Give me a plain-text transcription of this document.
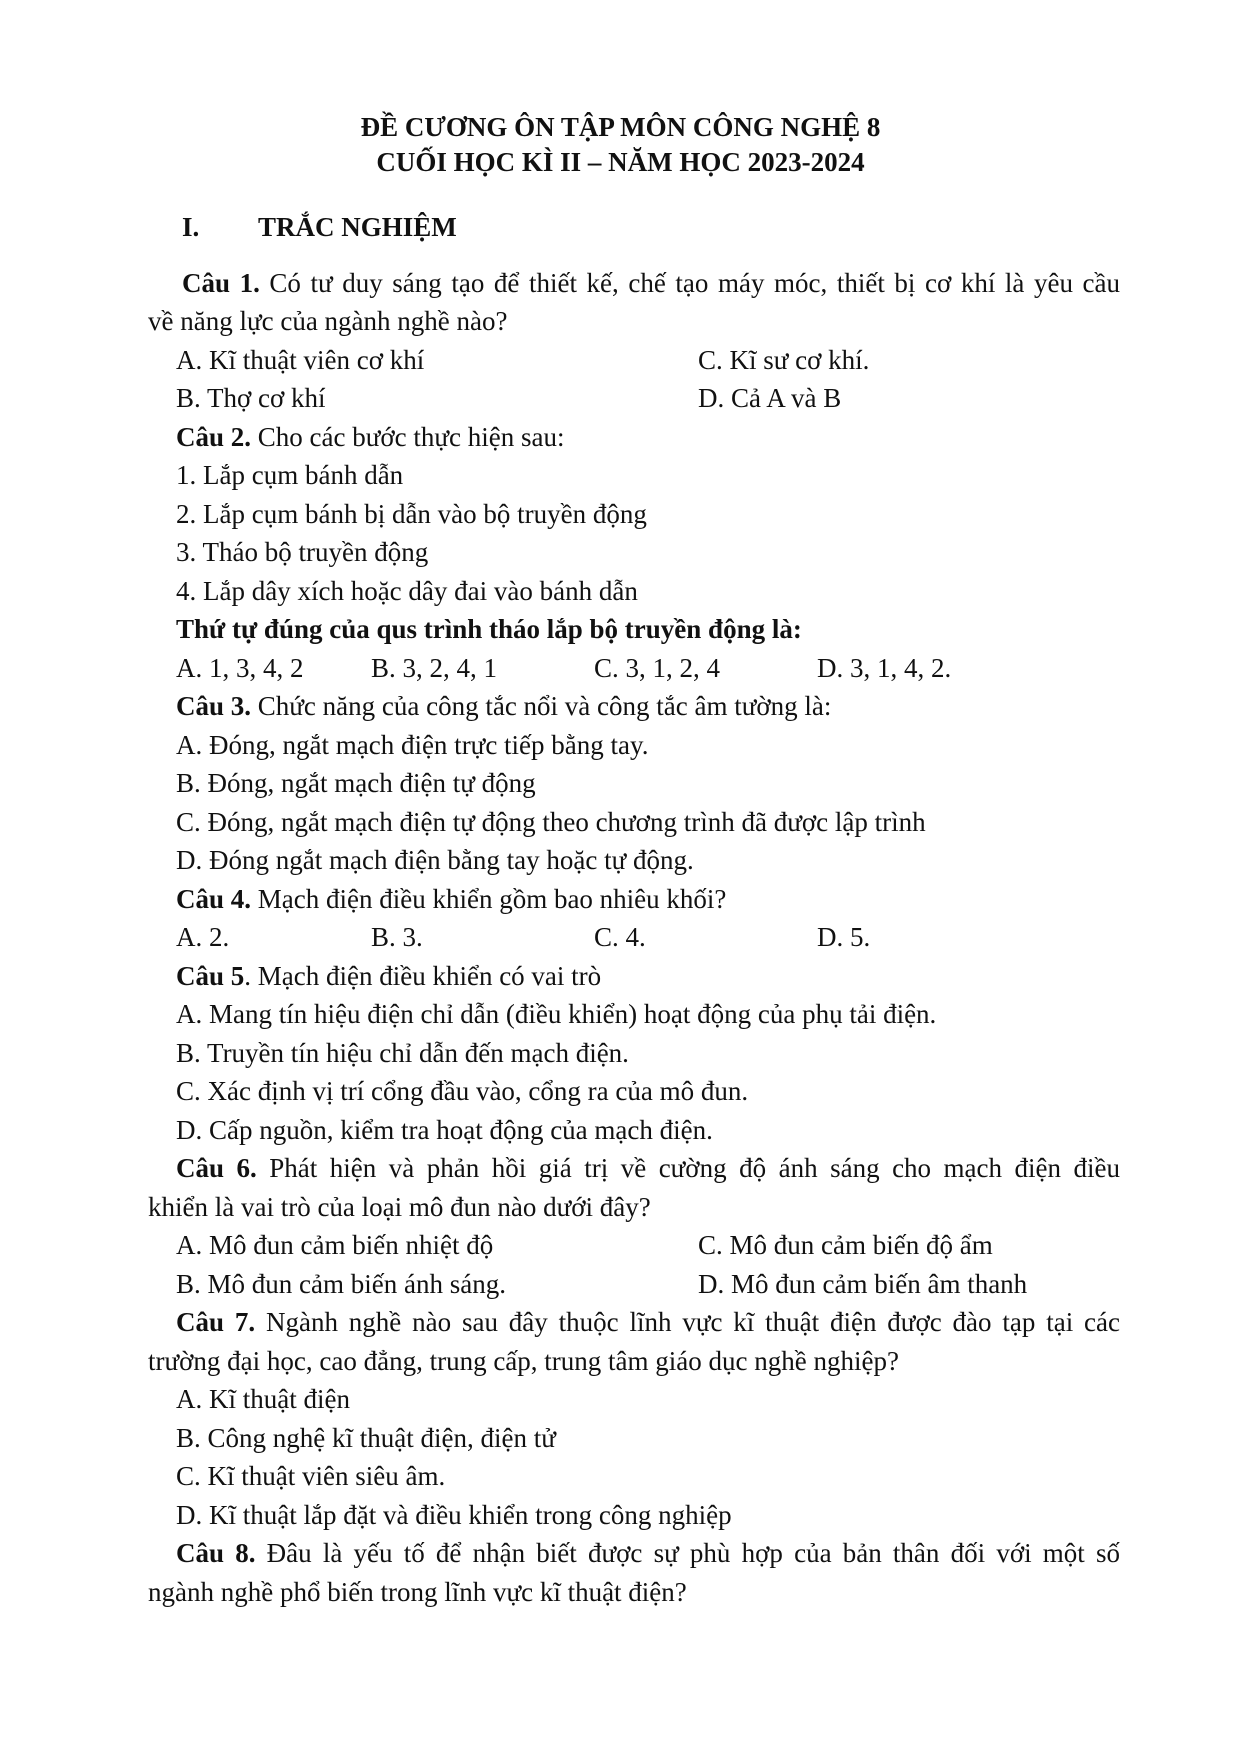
ĐỀ CƯƠNG ÔN TẬP MÔN CÔNG NGHỆ 8
CUỐI HỌC KÌ II – NĂM HỌC 2023-2024
I. TRẮC NGHIỆM
Câu 1. Có tư duy sáng tạo để thiết kế, chế tạo máy móc, thiết bị cơ khí là yêu cầu
về năng lực của ngành nghề nào?
A. Kĩ thuật viên cơ khí	C. Kĩ sư cơ khí.
B. Thợ cơ khí	D. Cả A và B
Câu 2. Cho các bước thực hiện sau:
1. Lắp cụm bánh dẫn
2. Lắp cụm bánh bị dẫn vào bộ truyền động
3. Tháo bộ truyền động
4. Lắp dây xích hoặc dây đai vào bánh dẫn
Thứ tự đúng của qus trình tháo lắp bộ truyền động là:
A. 1, 3, 4, 2	B. 3, 2, 4, 1	C. 3, 1, 2, 4	D. 3, 1, 4, 2.
Câu 3. Chức năng của công tắc nổi và công tắc âm tường là:
A. Đóng, ngắt mạch điện trực tiếp bằng tay.
B. Đóng, ngắt mạch điện tự động
C. Đóng, ngắt mạch điện tự động theo chương trình đã được lập trình
D. Đóng ngắt mạch điện bằng tay hoặc tự động.
Câu 4. Mạch điện điều khiển gồm bao nhiêu khối?
A. 2.	B. 3.	C. 4.	D. 5.
Câu 5. Mạch điện điều khiển có vai trò
A. Mang tín hiệu điện chỉ dẫn (điều khiển) hoạt động của phụ tải điện.
B. Truyền tín hiệu chỉ dẫn đến mạch điện.
C. Xác định vị trí cổng đầu vào, cổng ra của mô đun.
D. Cấp nguồn, kiểm tra hoạt động của mạch điện.
Câu 6. Phát hiện và phản hồi giá trị về cường độ ánh sáng cho mạch điện điều
khiển là vai trò của loại mô đun nào dưới đây?
A. Mô đun cảm biến nhiệt độ	C. Mô đun cảm biến độ ẩm
B. Mô đun cảm biến ánh sáng.	D. Mô đun cảm biến âm thanh
Câu 7. Ngành nghề nào sau đây thuộc lĩnh vực kĩ thuật điện được đào tạp tại các
trường đại học, cao đẳng, trung cấp, trung tâm giáo dục nghề nghiệp?
A. Kĩ thuật điện
B. Công nghệ kĩ thuật điện, điện tử
C. Kĩ thuật viên siêu âm.
D. Kĩ thuật lắp đặt và điều khiển trong công nghiệp
Câu 8. Đâu là yếu tố để nhận biết được sự phù hợp của bản thân đối với một số
ngành nghề phổ biến trong lĩnh vực kĩ thuật điện?
